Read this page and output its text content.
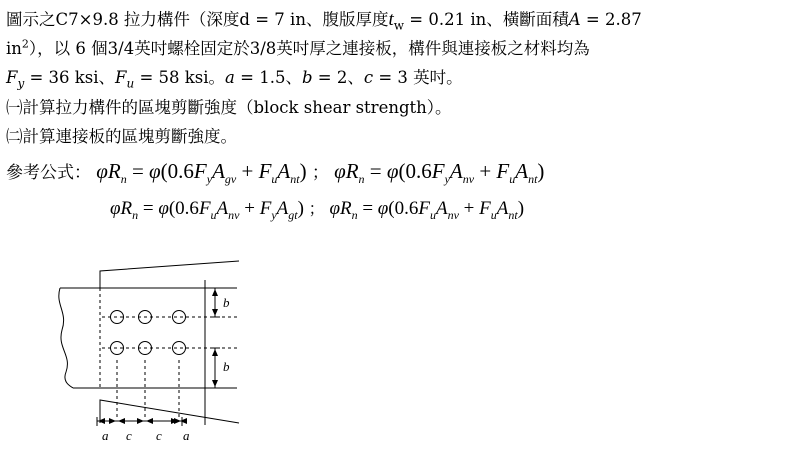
圖示之C7×9.8 拉力構件（深度d = 7 in、腹版厚度$t_w = 0.21$ in、橫斷面積A = 2.87
$in^2$），以 6 個3/4英吋螺栓固定於3/8英吋厚之連接板，構件與連接板之材料均為
$F_y = 36$ ksi、$F_u = 58$ ksi。a = 1.5、b = 2、c = 3 英吋。
㈠計算拉力構件的區塊剪斷強度（block shear strength）。
㈡計算連接板的區塊剪斷強度。
參考公式： $\varphi R_n = \varphi(0.6F_yA_{gv} + F_uA_{nt})$ ； $\varphi R_n = \varphi(0.6F_yA_{nv} + F_uA_{nt})$
$\varphi R_n = \varphi(0.6F_uA_{nv} + F_yA_{gt})$ ； $\varphi R_n = \varphi(0.6F_uA_{nv} + F_uA_{nt})$
b
b
a c c a
